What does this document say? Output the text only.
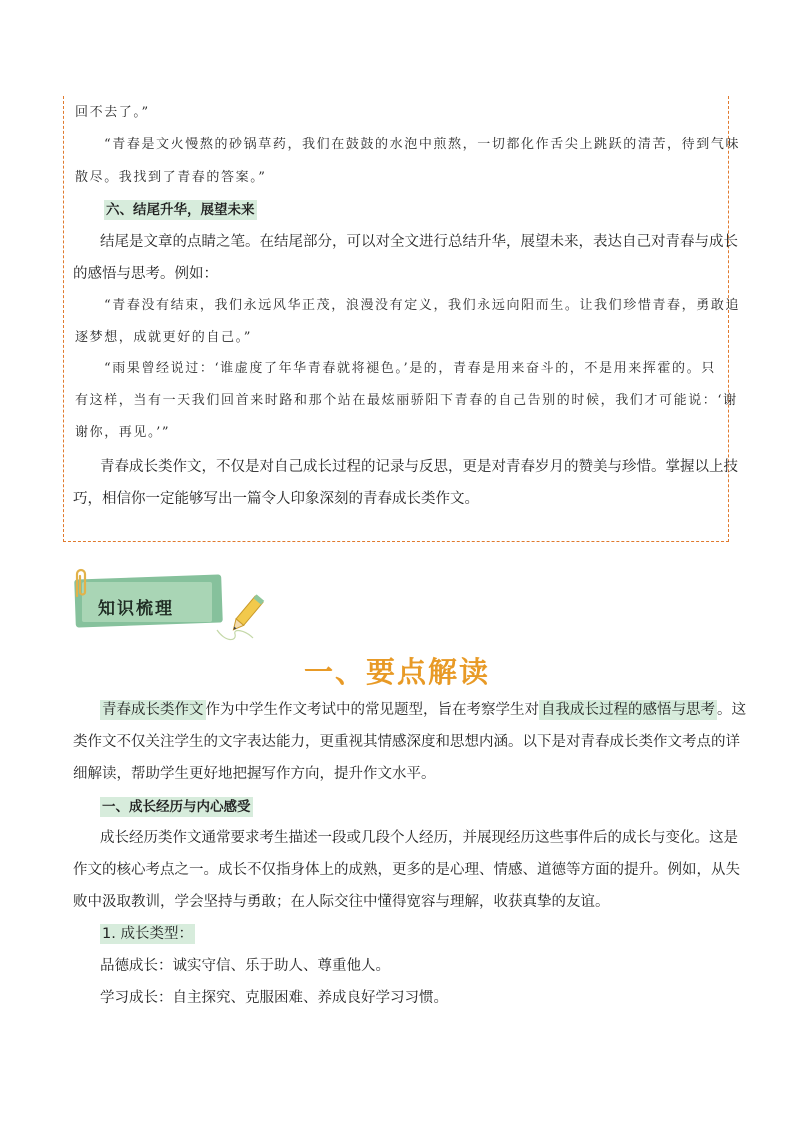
回不去了。”
“青春是文火慢熬的砂锅草药，我们在鼓鼓的水泡中煎熬，一切都化作舌尖上跳跃的清苦，待到气味
散尽。我找到了青春的答案。”
六、结尾升华，展望未来
结尾是文章的点睛之笔。在结尾部分，可以对全文进行总结升华，展望未来，表达自己对青春与成长
的感悟与思考。例如：
“青春没有结束，我们永远风华正茂，浪漫没有定义，我们永远向阳而生。让我们珍惜青春，勇敢追
逐梦想，成就更好的自己。”
“雨果曾经说过：‘谁虚度了年华青春就将褪色。’是的，青春是用来奋斗的，不是用来挥霍的。只
有这样，当有一天我们回首来时路和那个站在最炫丽骄阳下青春的自己告别的时候，我们才可能说：‘谢
谢你，再见。’”
青春成长类作文，不仅是对自己成长过程的记录与反思，更是对青春岁月的赞美与珍惜。掌握以上技
巧，相信你一定能够写出一篇令人印象深刻的青春成长类作文。
知识梳理
一、要点解读
青春成长类作文 作为中学生作文考试中的常见题型，旨在考察学生对 自我成长过程的感悟与思考 。这
类作文不仅关注学生的文字表达能力，更重视其情感深度和思想内涵。以下是对青春成长类作文考点的详
细解读，帮助学生更好地把握写作方向，提升作文水平。
一、成长经历与内心感受
成长经历类作文通常要求考生描述一段或几段个人经历，并展现经历这些事件后的成长与变化。这是
作文的核心考点之一。成长不仅指身体上的成熟，更多的是心理、情感、道德等方面的提升。例如，从失
败中汲取教训，学会坚持与勇敢；在人际交往中懂得宽容与理解，收获真挚的友谊。
1. 成长类型：
品德成长：诚实守信、乐于助人、尊重他人。
学习成长：自主探究、克服困难、养成良好学习习惯。
